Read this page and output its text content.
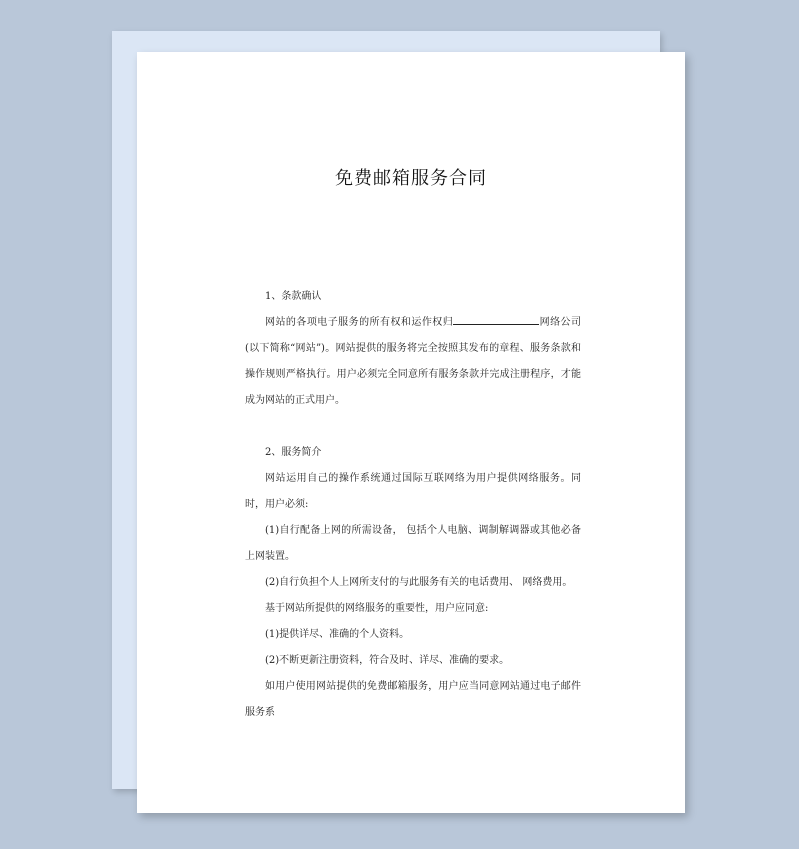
免费邮箱服务合同

1、条款确认

网站的各项电子服务的所有权和运作权归	网络公司(以下简称“网站”)。网站提供的服务将完全按照其发布的章程、服务条款和操作规则严格执行。用户必须完全同意所有服务条款并完成注册程序，才能成为网站的正式用户。

2、服务简介

网站运用自己的操作系统通过国际互联网络为用户提供网络服务。同时，用户必须:

(1)自行配备上网的所需设备， 包括个人电脑、调制解调器或其他必备上网装置。

(2)自行负担个人上网所支付的与此服务有关的电话费用、 网络费用。

基于网站所提供的网络服务的重要性，用户应同意:

(1)提供详尽、准确的个人资料。

(2)不断更新注册资料，符合及时、详尽、准确的要求。

如用户使用网站提供的免费邮箱服务，用户应当同意网站通过电子邮件服务系
